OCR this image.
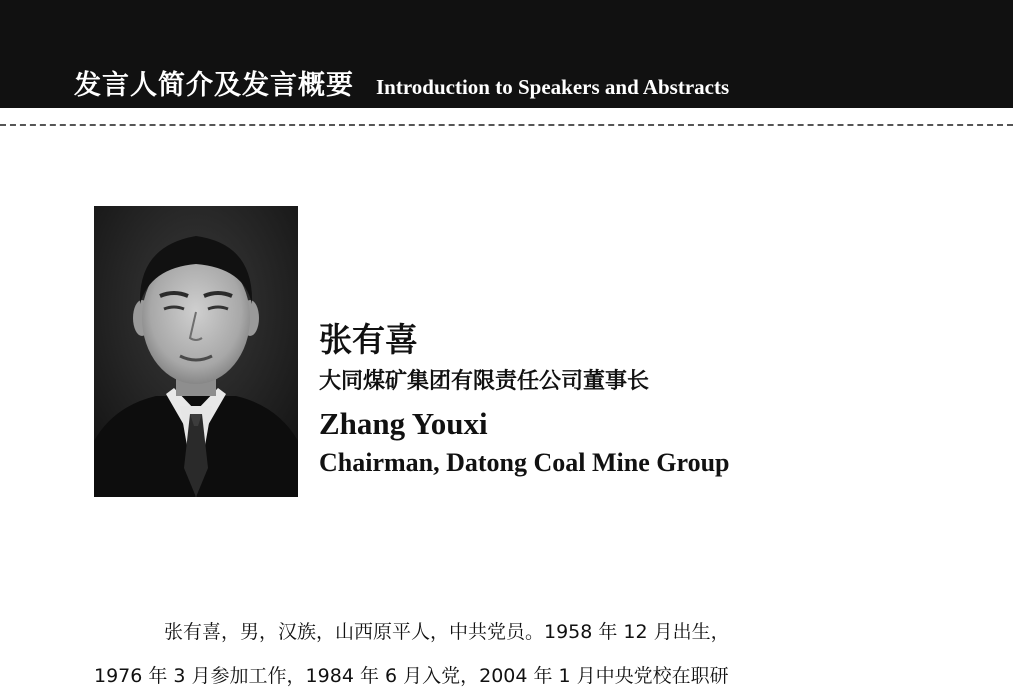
发言人简介及发言概要 Introduction to Speakers and Abstracts
张有喜
大同煤矿集团有限责任公司董事长
Zhang Youxi
Chairman, Datong Coal Mine Group
张有喜，男，汉族，山西原平人，中共党员。1958 年 12 月出生，
1976 年 3 月参加工作，1984 年 6 月入党，2004 年 1 月中央党校在职研
